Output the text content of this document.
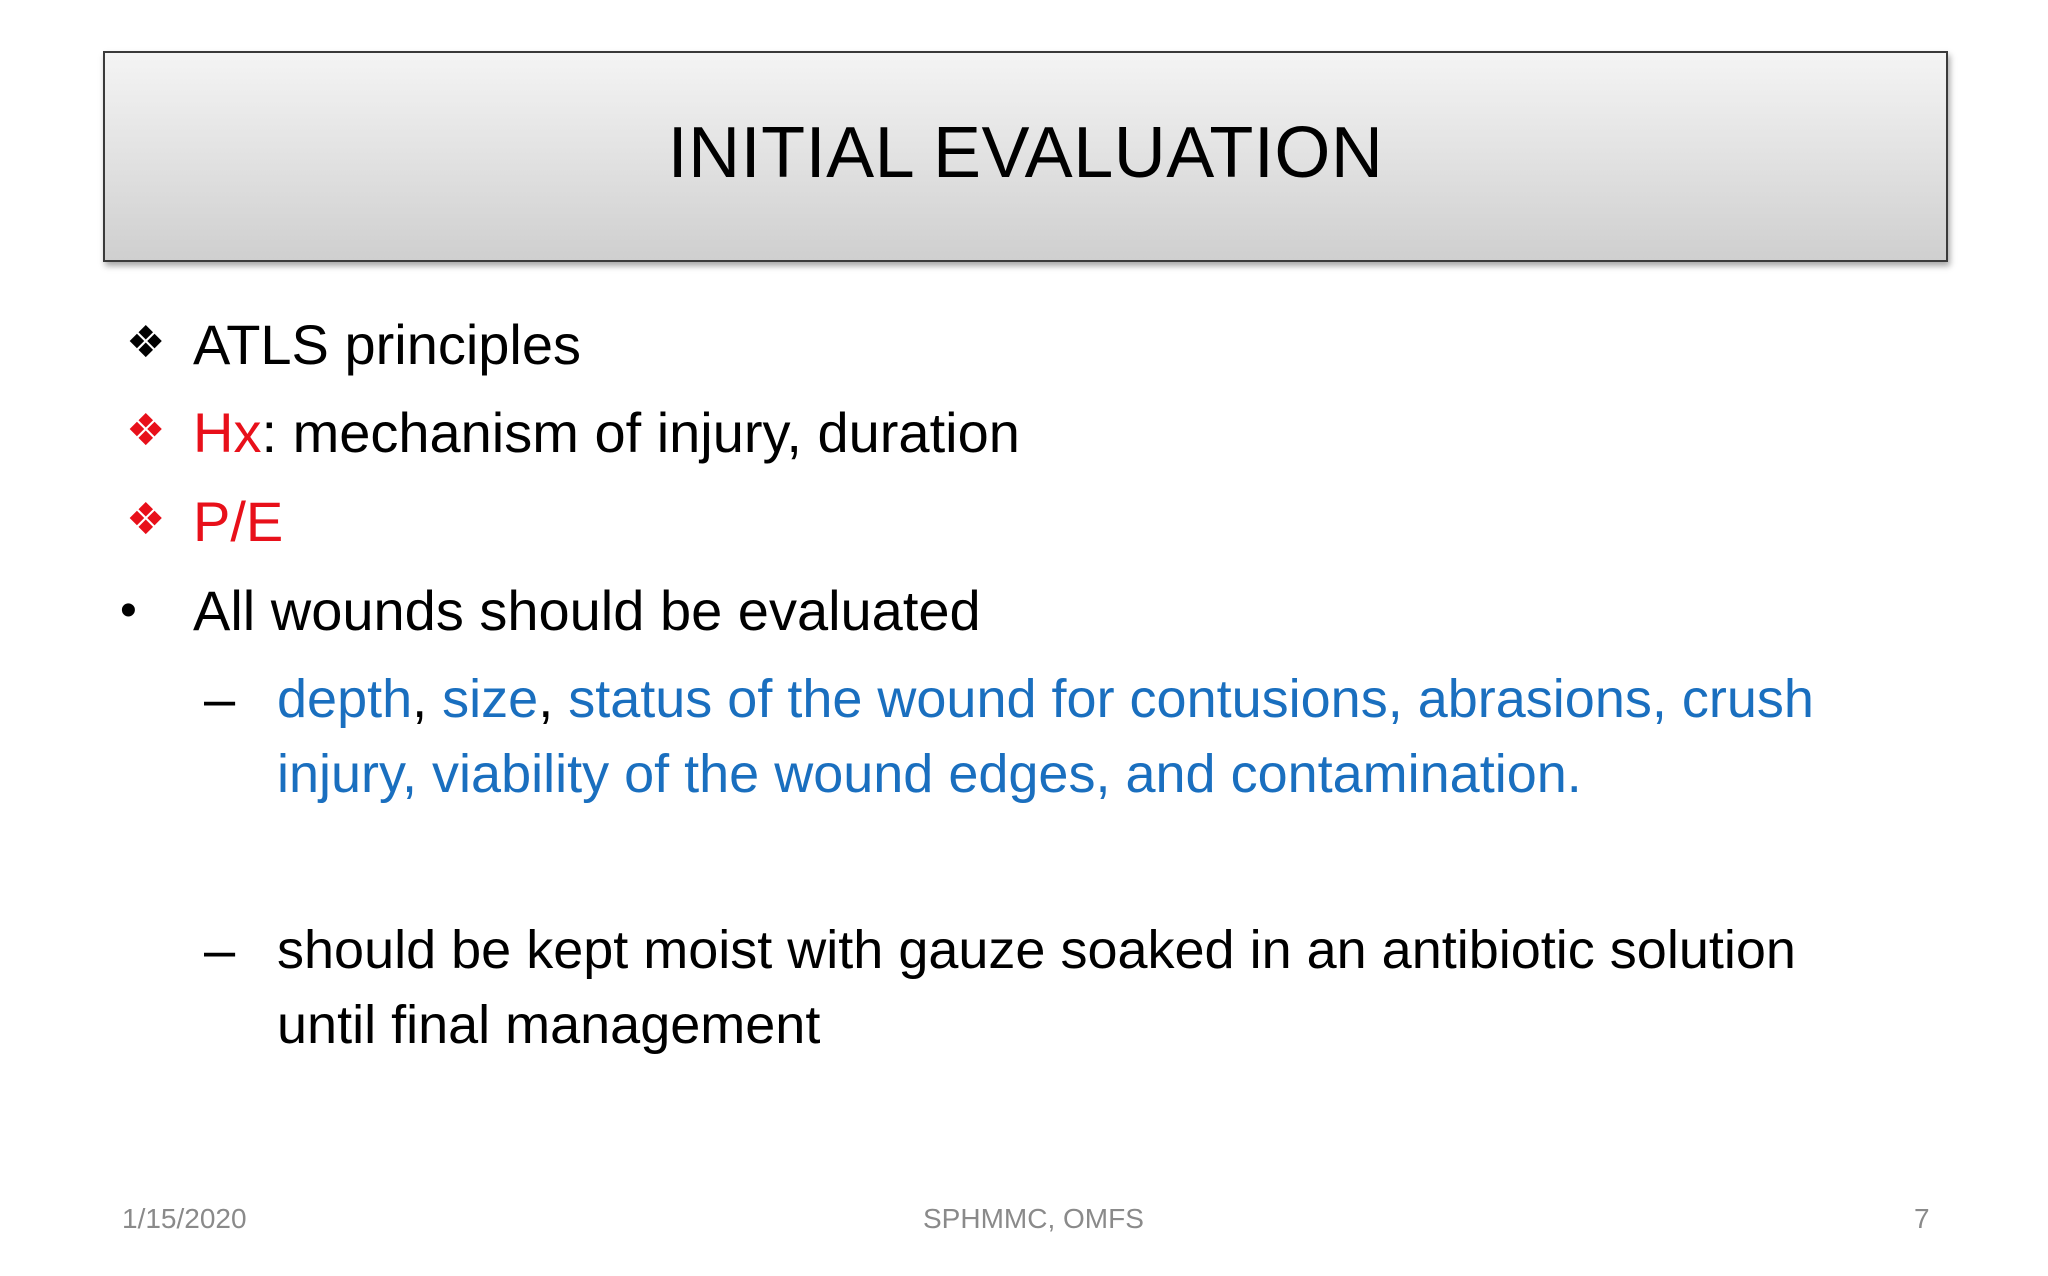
INITIAL EVALUATION
❖ ATLS principles
❖ Hx: mechanism of injury, duration
❖ P/E
• All wounds should be evaluated
– depth, size, status of the wound for contusions, abrasions, crush
injury, viability of the wound edges, and contamination.
– should be kept moist with gauze soaked in an antibiotic solution
until final management
1/15/2020	SPHMMC, OMFS	7
